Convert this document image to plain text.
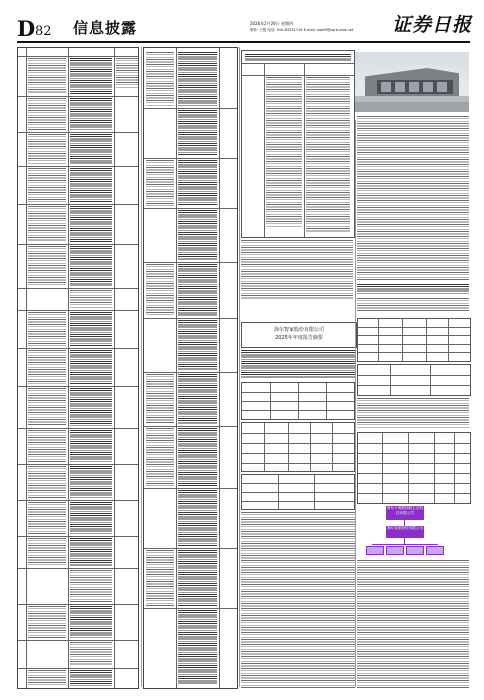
D 82 信息披露	2026年2月26日 星期四
制作: 王骏 电话: 010-83251716 E-mail: zqrb9@zqrb.sina.net 证券日报
海尔智家股份有限公司
2025年年度报告摘要
海尔卡奥斯物联生态科技有限公司
海尔智家股份有限公司
